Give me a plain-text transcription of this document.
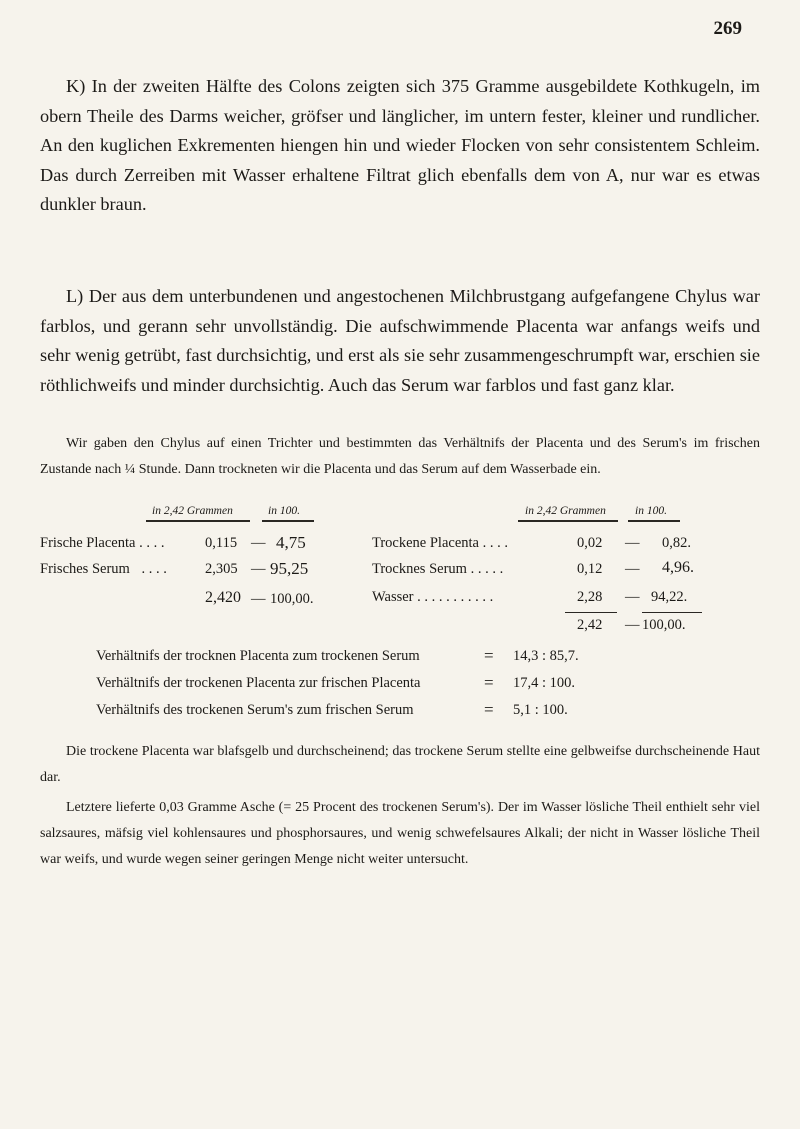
269

K) In der zweiten Hälfte des Colons zeigten sich 375 Gramme ausgebildete Kothkugeln, im obern Theile des Darms weicher, gröfser und länglicher, im untern fester, kleiner und rundlicher. An den kuglichen Exkrementen hiengen hin und wieder Flocken von sehr consistentem Schleim. Das durch Zerreiben mit Wasser erhaltene Filtrat glich ebenfalls dem von A, nur war es etwas dunkler braun.

L) Der aus dem unterbundenen und angestochenen Milchbrustgang aufgefangene Chylus war farblos, und gerann sehr unvollständig. Die aufschwimmende Placenta war anfangs weifs und sehr wenig getrübt, fast durchsichtig, und erst als sie sehr zusammengeschrumpft war, erschien sie röthlichweifs und minder durchsichtig. Auch das Serum war farblos und fast ganz klar.

Wir gaben den Chylus auf einen Trichter und bestimmten das Verhältnifs der Placenta und des Serum's im frischen Zustande nach ¼ Stunde. Dann trockneten wir die Placenta und das Serum auf dem Wasserbade ein.

in 2,42 Grammen	in 100.
Frische Placenta . . . .	0,115 — 4,75
Frisches Serum . . . .	2,305 — 95,25
2,420 — 100,00.
in 2,42 Grammen	in 100.
Trockene Placenta . . . .	0,02 — 0,82.
Trocknes Serum . . . . .	0,12 — 4,96.
Wasser . . . . . . . . . . .	2,28 — 94,22.
2,42 — 100,00.
Verhältnifs der trocknen Placenta zum trockenen Serum	= 14,3 : 85,7.
Verhältnifs der trockenen Placenta zur frischen Placenta	= 17,4 : 100.
Verhältnifs des trockenen Serum's zum frischen Serum	= 5,1 : 100.

Die trockene Placenta war blafsgelb und durchscheinend; das trockene Serum stellte eine gelbweifse durchscheinende Haut dar.

Letztere lieferte 0,03 Gramme Asche (= 25 Procent des trockenen Serum's). Der im Wasser lösliche Theil enthielt sehr viel salzsaures, mäfsig viel kohlensaures und phosphorsaures, und wenig schwefelsaures Alkali; der nicht in Wasser lösliche Theil war weifs, und wurde wegen seiner geringen Menge nicht weiter untersucht.
